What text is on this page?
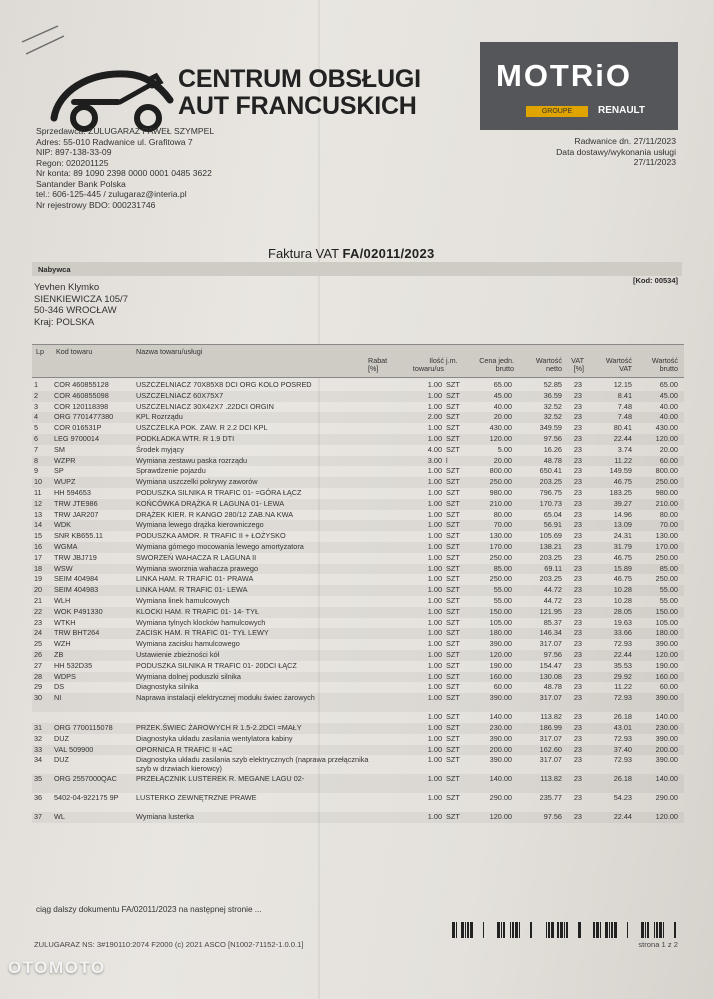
CENTRUM OBSŁUGI
AUT FRANCUSKICH
MOTRiO
GROUPE	RENAULT
Sprzedawca: ZULUGARAZ PAWEŁ SZYMPEL
Adres: 55-010 Radwanice ul. Grafitowa 7
NIP: 897-138-33-09
Regon: 020201125
Nr konta: 89 1090 2398 0000 0001 0485 3622
Santander Bank Polska
tel.: 606-125-445 / zulugaraz@interia.pl
Nr rejestrowy BDO: 000231746
Radwanice dn. 27/11/2023
Data dostawy/wykonania usługi
27/11/2023
Faktura VAT FA/02011/2023
Nabywca
[Kod: 00534]
Yevhen Klymko
SIENKIEWICZA 105/7
50-346 WROCŁAW
Kraj: POLSKA
Lp	Kod towaru	Nazwa towaru/usługi
Rabat [%]
Ilość towaru/us
j.m.	Cena jedn. brutto
Wartość netto
VAT [%]
Wartość VAT
Wartość brutto
1	COR 460855128	USZCZELNIACZ 70X85X8 DCI ORG KOLO POSRED	1.00 SZT	65.00	52.85	23	12.15	65.00
2	COR 460855098	USZCZELNIACZ 60X75X7	1.00 SZT	45.00	36.59	23	8.41	45.00
3	COR 120118398	USZCZELNIACZ 30X42X7 .22DCI ORGIN	1.00 SZT	40.00	32.52	23	7.48	40.00
4	ORG 7701477380	KPL Rozrządu	2.00 SZT	20.00	32.52	23	7.48	40.00
5	COR 016531P	USZCZELKA POK. ZAW. R 2.2 DCI KPL	1.00 SZT	430.00	349.59	23	80.41	430.00
6	LEG 9700014	PODKŁADKA WTR. R 1.9 DTI	1.00 SZT	120.00	97.56	23	22.44	120.00
7	SM	Środek myjący	4.00 SZT	5.00	16.26	23	3.74	20.00
8	WZPR	Wymiana zestawu paska rozrządu	3.00 l	20.00	48.78	23	11.22	60.00
9	SP	Sprawdzenie pojazdu	1.00 SZT	800.00	650.41	23	149.59	800.00
10	WUPZ	Wymiana uszczelki pokrywy zaworów	1.00 SZT	250.00	203.25	23	46.75	250.00
11	HH 594653	PODUSZKA SILNIKA R TRAFIC 01- =GÓRA ŁĄCZ	1.00 SZT	980.00	796.75	23	183.25	980.00
12	TRW JTE986	KOŃCÓWKA DRĄŻKA R LAGUNA 01- LEWA	1.00 SZT	210.00	170.73	23	39.27	210.00
13	TRW JAR207	DRĄŻEK KIER. R KANGO 280/12 ZAB.NA KWA	1.00 SZT	80.00	65.04	23	14.96	80.00
14	WDK	Wymiana lewego drążka kierowniczego	1.00 SZT	70.00	56.91	23	13.09	70.00
15	SNR KB655.11	PODUSZKA AMOR. R TRAFIC II + ŁOŻYSKO	1.00 SZT	130.00	105.69	23	24.31	130.00
16	WGMA	Wymiana górnego mocowania lewego amortyzatora	1.00 SZT	170.00	138.21	23	31.79	170.00
17	TRW JBJ719	SWORZEŃ WAHACZA R LAGUNA II	1.00 SZT	250.00	203.25	23	46.75	250.00
18	WSW	Wymiana sworznia wahacza prawego	1.00 SZT	85.00	69.11	23	15.89	85.00
19	SEIM 404984	LINKA HAM. R TRAFIC 01- PRAWA	1.00 SZT	250.00	203.25	23	46.75	250.00
20	SEIM 404983	LINKA HAM. R TRAFIC 01- LEWA	1.00 SZT	55.00	44.72	23	10.28	55.00
21	WLH	Wymiana linek hamulcowych	1.00 SZT	55.00	44.72	23	10.28	55.00
22	WOK P491330	KLOCKI HAM. R TRAFIC 01- 14- TYŁ	1.00 SZT	150.00	121.95	23	28.05	150.00
23	WTKH	Wymiana tylnych klocków hamulcowych	1.00 SZT	105.00	85.37	23	19.63	105.00
24	TRW BHT264	ZACISK HAM. R TRAFIC 01- TYŁ LEWY	1.00 SZT	180.00	146.34	23	33.66	180.00
25	WZH	Wymiana zacisku hamulcowego	1.00 SZT	390.00	317.07	23	72.93	390.00
26	ZB	Ustawienie zbieżności kół	1.00 SZT	120.00	97.56	23	22.44	120.00
27	HH 532D35	PODUSZKA SILNIKA R TRAFIC 01- 20DCI ŁĄCZ	1.00 SZT	190.00	154.47	23	35.53	190.00
28	WDPS	Wymiana dolnej poduszki silnika	1.00 SZT	160.00	130.08	23	29.92	160.00
29	DS	Diagnostyka silnika	1.00 SZT	60.00	48.78	23	11.22	60.00
30	NI	Naprawa instalacji elektrycznej modułu świec żarowych	1.00 SZT	390.00	317.07	23	72.93	390.00
1.00 SZT	140.00	113.82	23	26.18	140.00
31	ORG 7700115078	PRZEK.ŚWIEC ŻAROWYCH R 1.5-2.2DCI =MAŁY	1.00 SZT	230.00	186.99	23	43.01	230.00
32	DUZ	Diagnostyka układu zasilania wentylatora kabiny	1.00 SZT	390.00	317.07	23	72.93	390.00
33	VAL 509900	OPORNICA R TRAFIC II +AC	1.00 SZT	200.00	162.60	23	37.40	200.00
34	DUZ	Diagnostyka układu zasilania szyb elektrycznych (naprawa przełącznika szyb w drzwiach kierowcy)
1.00 SZT	390.00	317.07	23	72.93	390.00
35	ORG 2557000QAC	PRZEŁĄCZNIK LUSTEREK R. MEGANE LAGU 02-	1.00 SZT	140.00	113.82	23	26.18	140.00
36	5402-04-922175 9P	LUSTERKO ZEWNĘTRZNE PRAWE	1.00 SZT	290.00	235.77	23	54.23	290.00
37	WL	Wymiana lusterka	1.00 SZT	120.00	97.56	23	22.44	120.00
ciąg dalszy dokumentu FA/02011/2023 na następnej stronie ...
ZULUGARAZ NS: 3#190110:2074 F2000 (c) 2021 ASCO [N1002-71152-1.0.0.1]	strona 1 z 2
OTOMOTO
